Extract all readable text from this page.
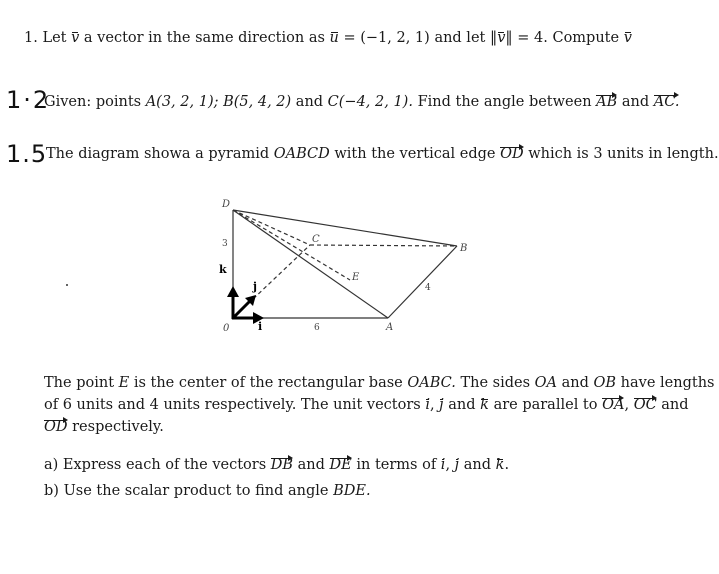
1. Let v a vector in the same direction as u = (−1, 2, 1) and let ‖v‖ = 4. Compute v
1·2
Given: points A(3, 2, 1); B(5, 4, 2) and C(−4, 2, 1). Find the angle between AB and AC.
1.5
The diagram showa a pyramid OABCD with the vertical edge OD which is 3 units in length.
D
C
B
E
A
0
3
6
4
k
j
i
The point E is the center of the rectangular base OABC. The sides OA and OB have lengths
of 6 units and 4 units respectively. The unit vectors i, j and k are parallel to OA, OC and
OD respectively.
a) Express each of the vectors DB and DE in terms of i, j and k.
b) Use the scalar product to find angle BDE.
